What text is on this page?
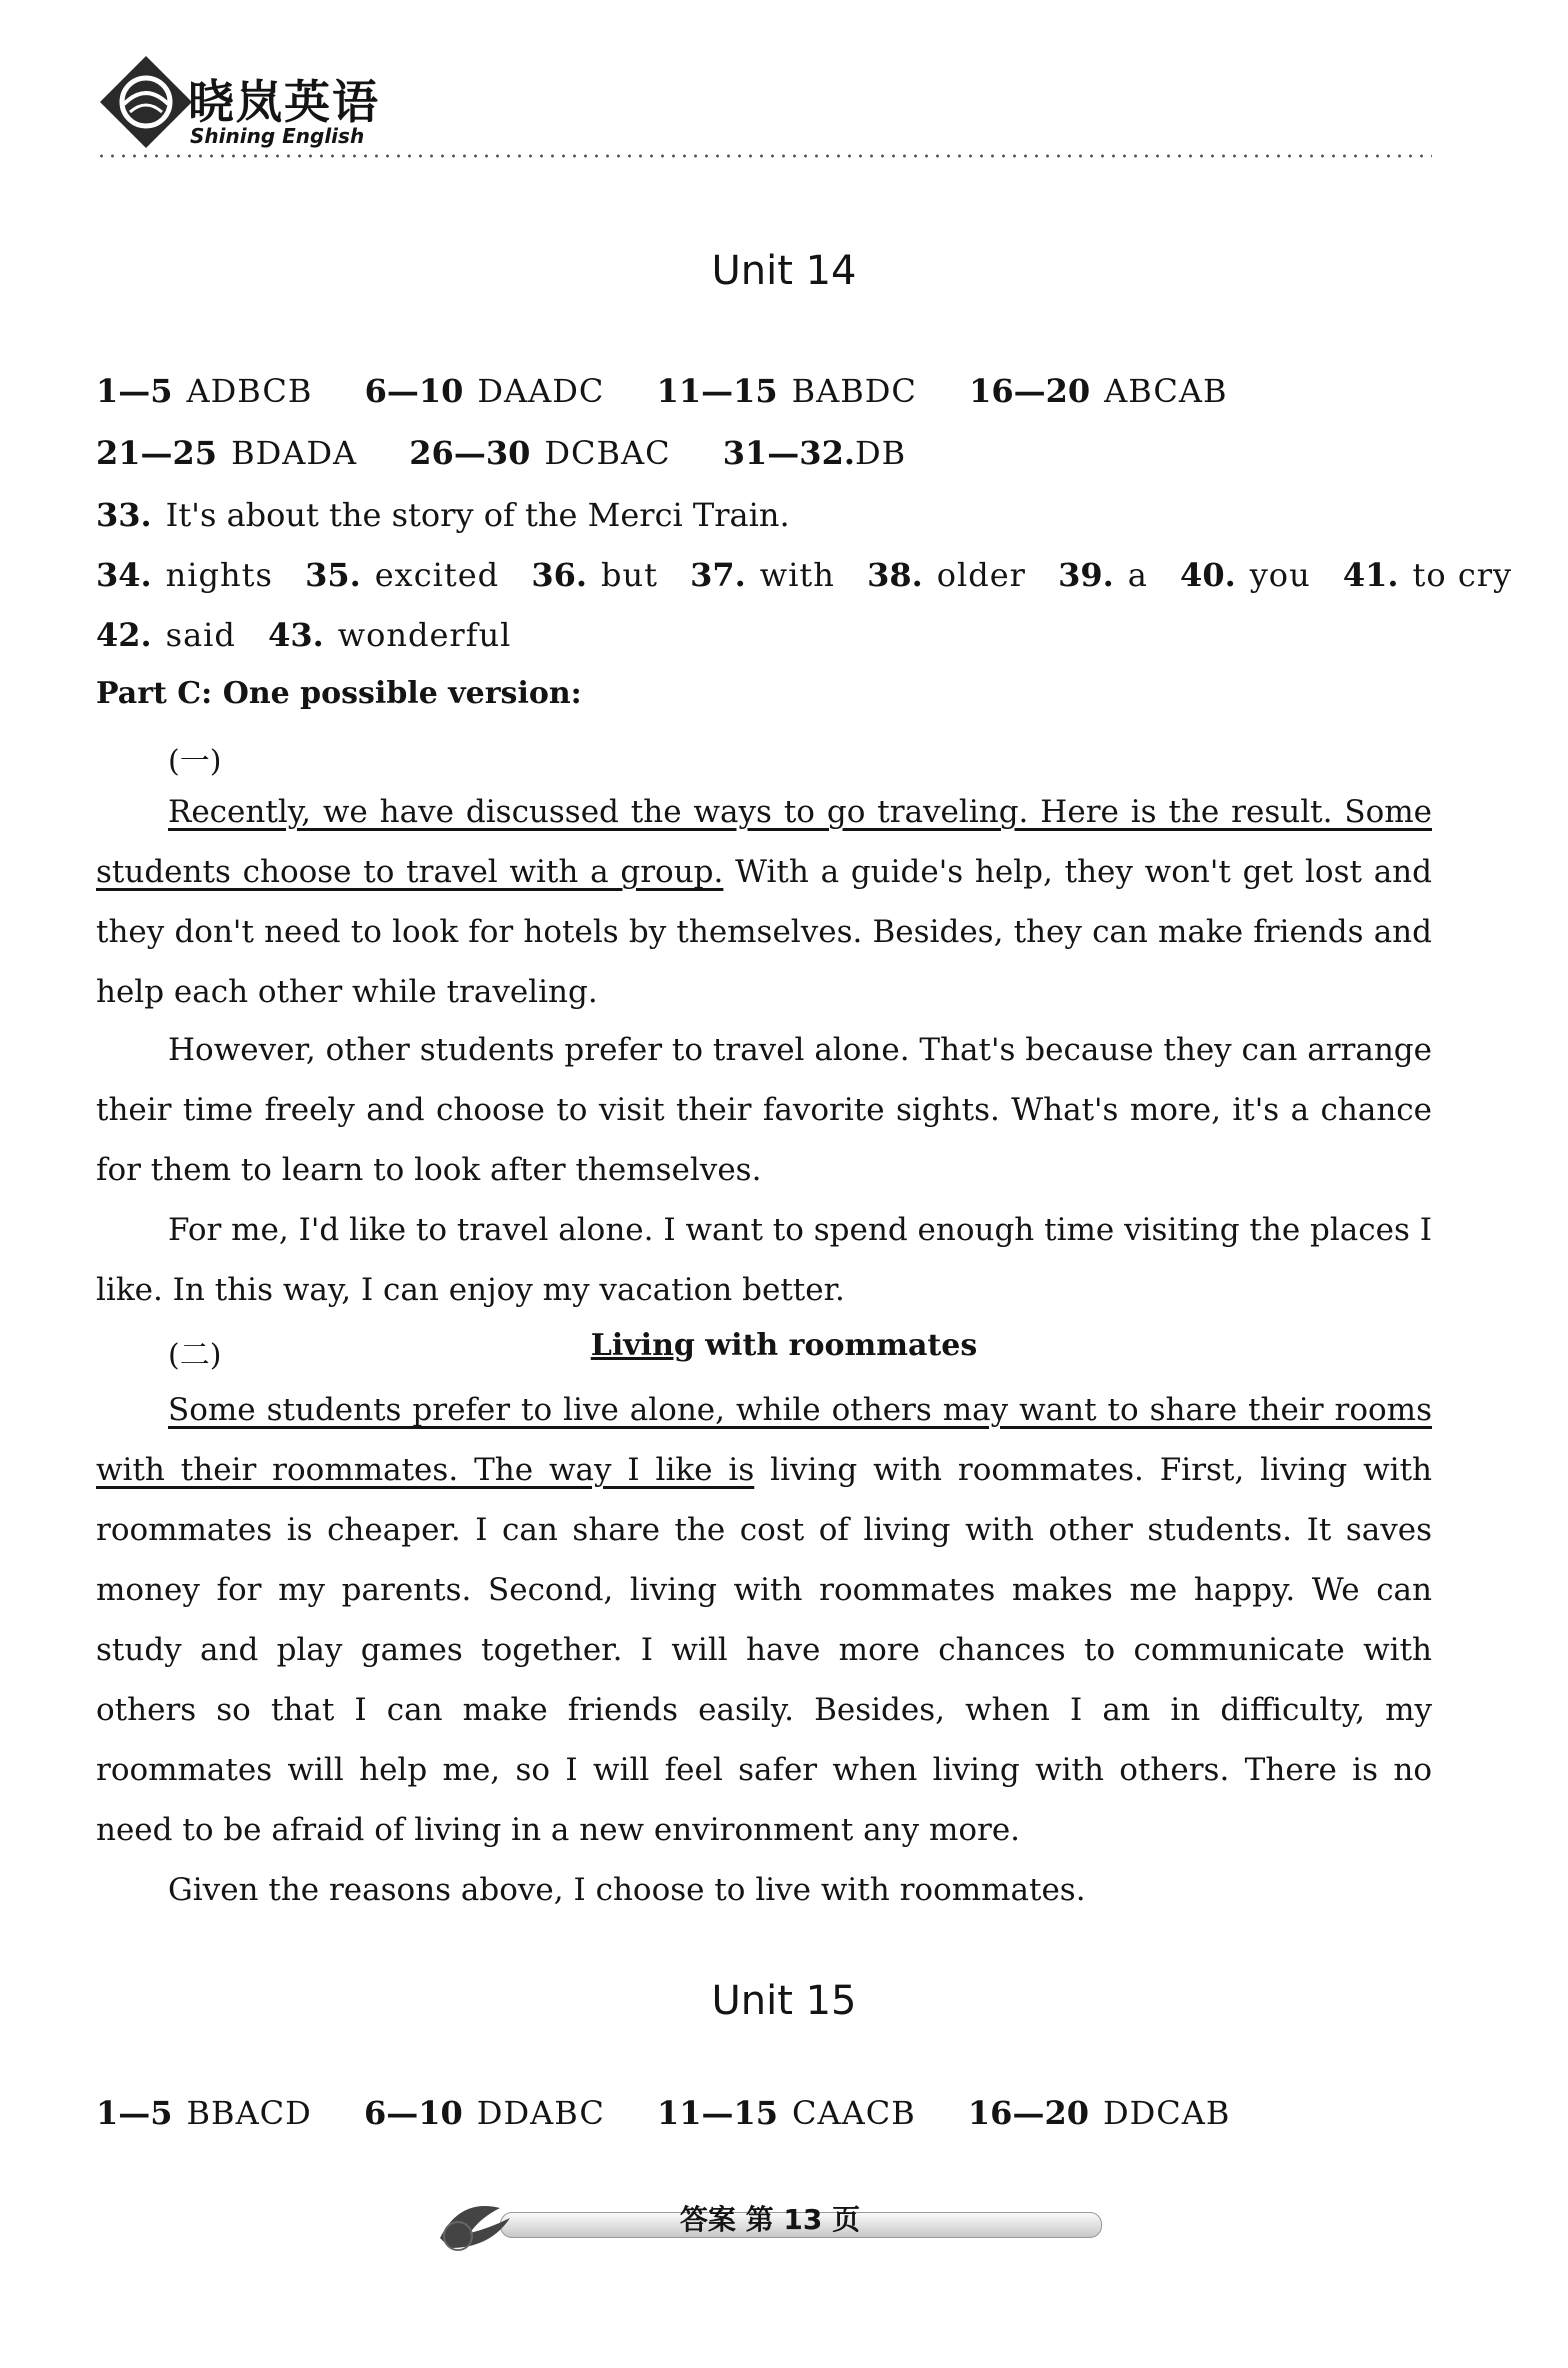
晓岚英语
Shining English
Unit 14
1—5 ADBCB 6—10 DAADC 11—15 BABDC 16—20 ABCAB
21—25 BDADA 26—30 DCBAC 31—32.DB
33. It's about the story of the Merci Train.
34. nights 35. excited 36. but 37. with 38. older 39. a 40. you 41. to cry
42. said 43. wonderful
Part C: One possible version:
(一)
Recently, we have discussed the ways to go traveling. Here is the result. Some students choose to travel with a group. With a guide's help, they won't get lost and they don't need to look for hotels by themselves. Besides, they can make friends and help each other while traveling.
However, other students prefer to travel alone. That's because they can arrange their time freely and choose to visit their favorite sights. What's more, it's a chance for them to learn to look after themselves.
For me, I'd like to travel alone. I want to spend enough time visiting the places I like. In this way, I can enjoy my vacation better.
(二)	Living with roommates
Some students prefer to live alone, while others may want to share their rooms with their roommates. The way I like is living with roommates. First, living with roommates is cheaper. I can share the cost of living with other students. It saves money for my parents. Second, living with roommates makes me happy. We can study and play games together. I will have more chances to communicate with others so that I can make friends easily. Besides, when I am in difficulty, my roommates will help me, so I will feel safer when living with others. There is no need to be afraid of living in a new environment any more.
Given the reasons above, I choose to live with roommates.
Unit 15
1—5 BBACD 6—10 DDABC 11—15 CAACB 16—20 DDCAB
答案 第 13 页
